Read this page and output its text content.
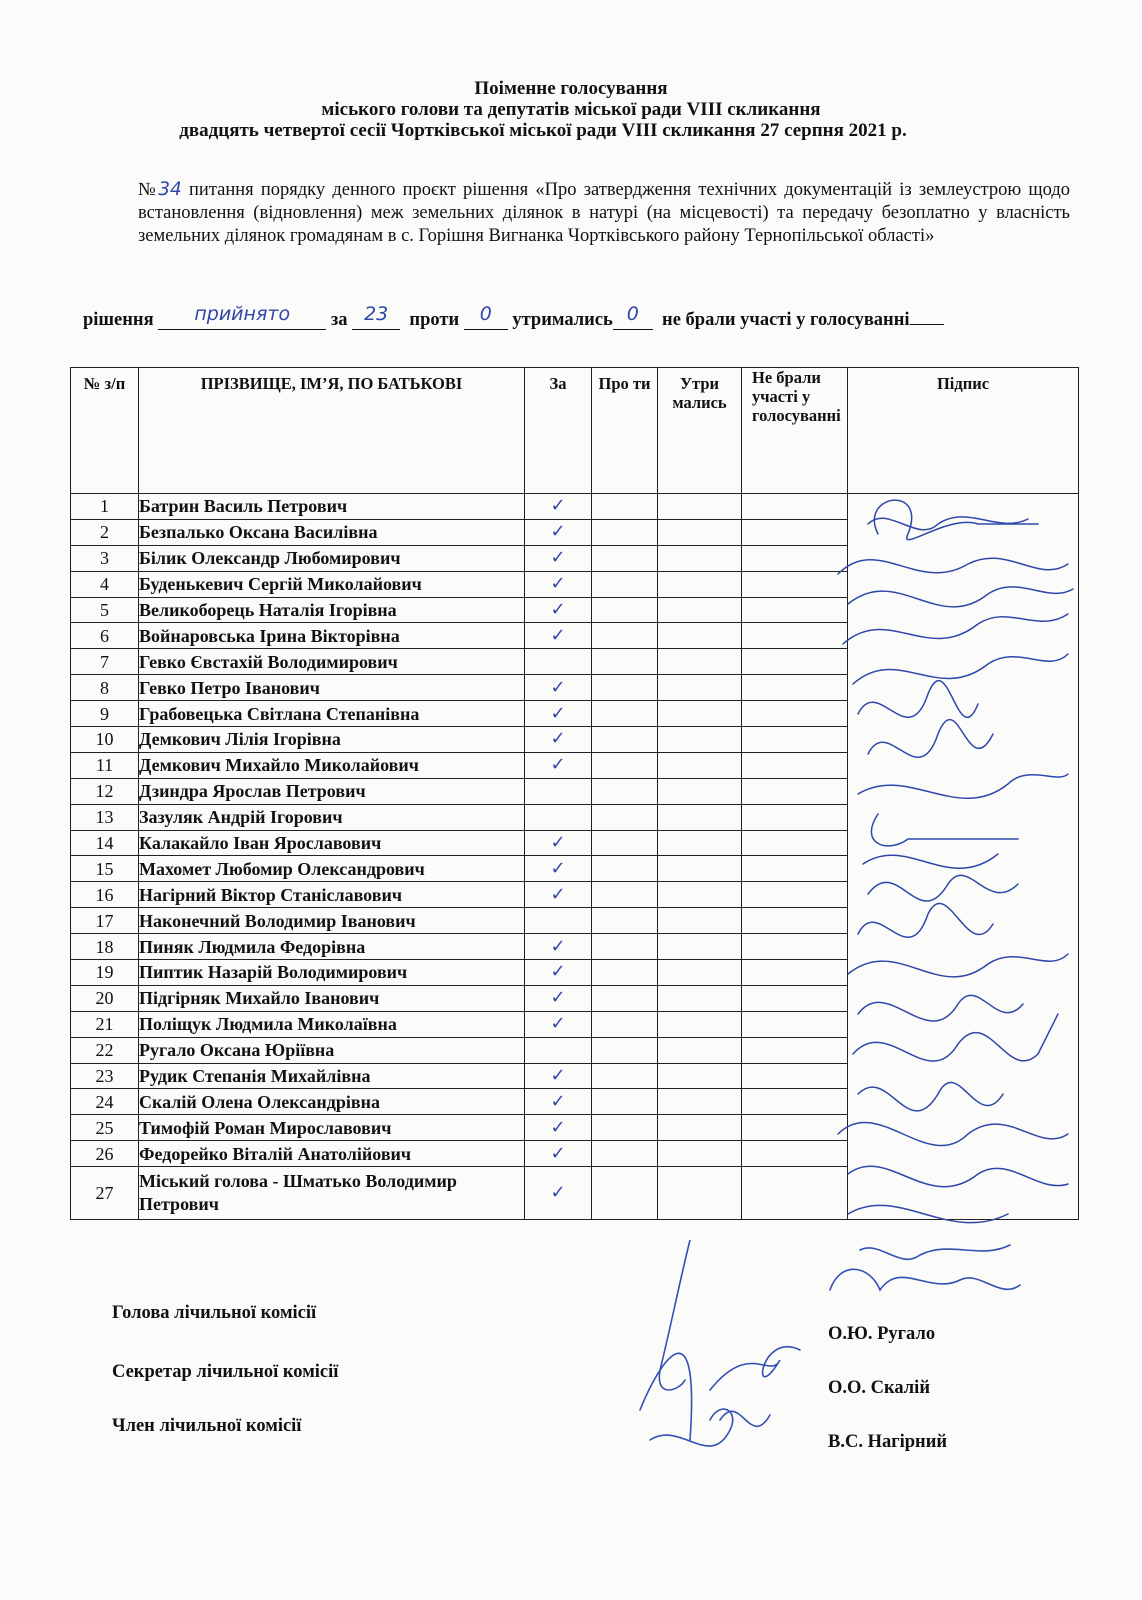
Поіменне голосування
міського голови та депутатів міської ради VIII скликання
двадцять четвертої сесії Чортківської міської ради VIII скликання 27 серпня 2021 р.
№34 питання порядку денного проєкт рішення «Про затвердження технічних документацій із землеустрою щодо встановлення (відновлення) меж земельних ділянок в натурі (на місцевості) та передачу безоплатно у власність земельних ділянок громадянам в с. Горішня Вигнанка Чортківського району Тернопільської області»
рішення прийнято за 23 проти 0 утримались 0 не брали участі у голосуванні
№ з/п	ПРІЗВИЩЕ, ІМ’Я, ПО БАТЬКОВІ	За	Про ти	Утри мались	Не брали участі у голосуванні	Підпис
1	Батрин Василь Петрович	✓				

2	Безпалько Оксана Василівна	✓				
3	Білик Олександр Любомирович	✓				
4	Буденькевич Сергій Миколайович	✓				
5	Великоборець Наталія Ігорівна	✓				
6	Войнаровська Ірина Вікторівна	✓				
7	Гевко Євстахій Володимирович					
8	Гевко Петро Іванович	✓				
9	Грабовецька Світлана Степанівна	✓				
10	Демкович Лілія Ігорівна	✓				
11	Демкович Михайло Миколайович	✓				
12	Дзиндра Ярослав Петрович					
13	Зазуляк Андрій Ігорович					
14	Калакайло Іван Ярославович	✓				
15	Махомет Любомир Олександрович	✓				
16	Нагірний Віктор Станіславович	✓				
17	Наконечний Володимир Іванович					
18	Пиняк Людмила Федорівна	✓				
19	Пиптик Назарій Володимирович	✓				
20	Підгірняк Михайло Іванович	✓				
21	Поліщук Людмила Миколаївна	✓				
22	Ругало Оксана Юріївна					
23	Рудик Степанія Михайлівна	✓				
24	Скалій Олена Олександрівна	✓				
25	Тимофій Роман Мирославович	✓				
26	Федорейко Віталій Анатолійович	✓				
27	Міський голова - Шматько Володимир Петрович	✓				
Голова лічильної комісії
О.Ю. Ругало
Секретар лічильної комісії
О.О. Скалій
Член лічильної комісії
В.С. Нагірний
